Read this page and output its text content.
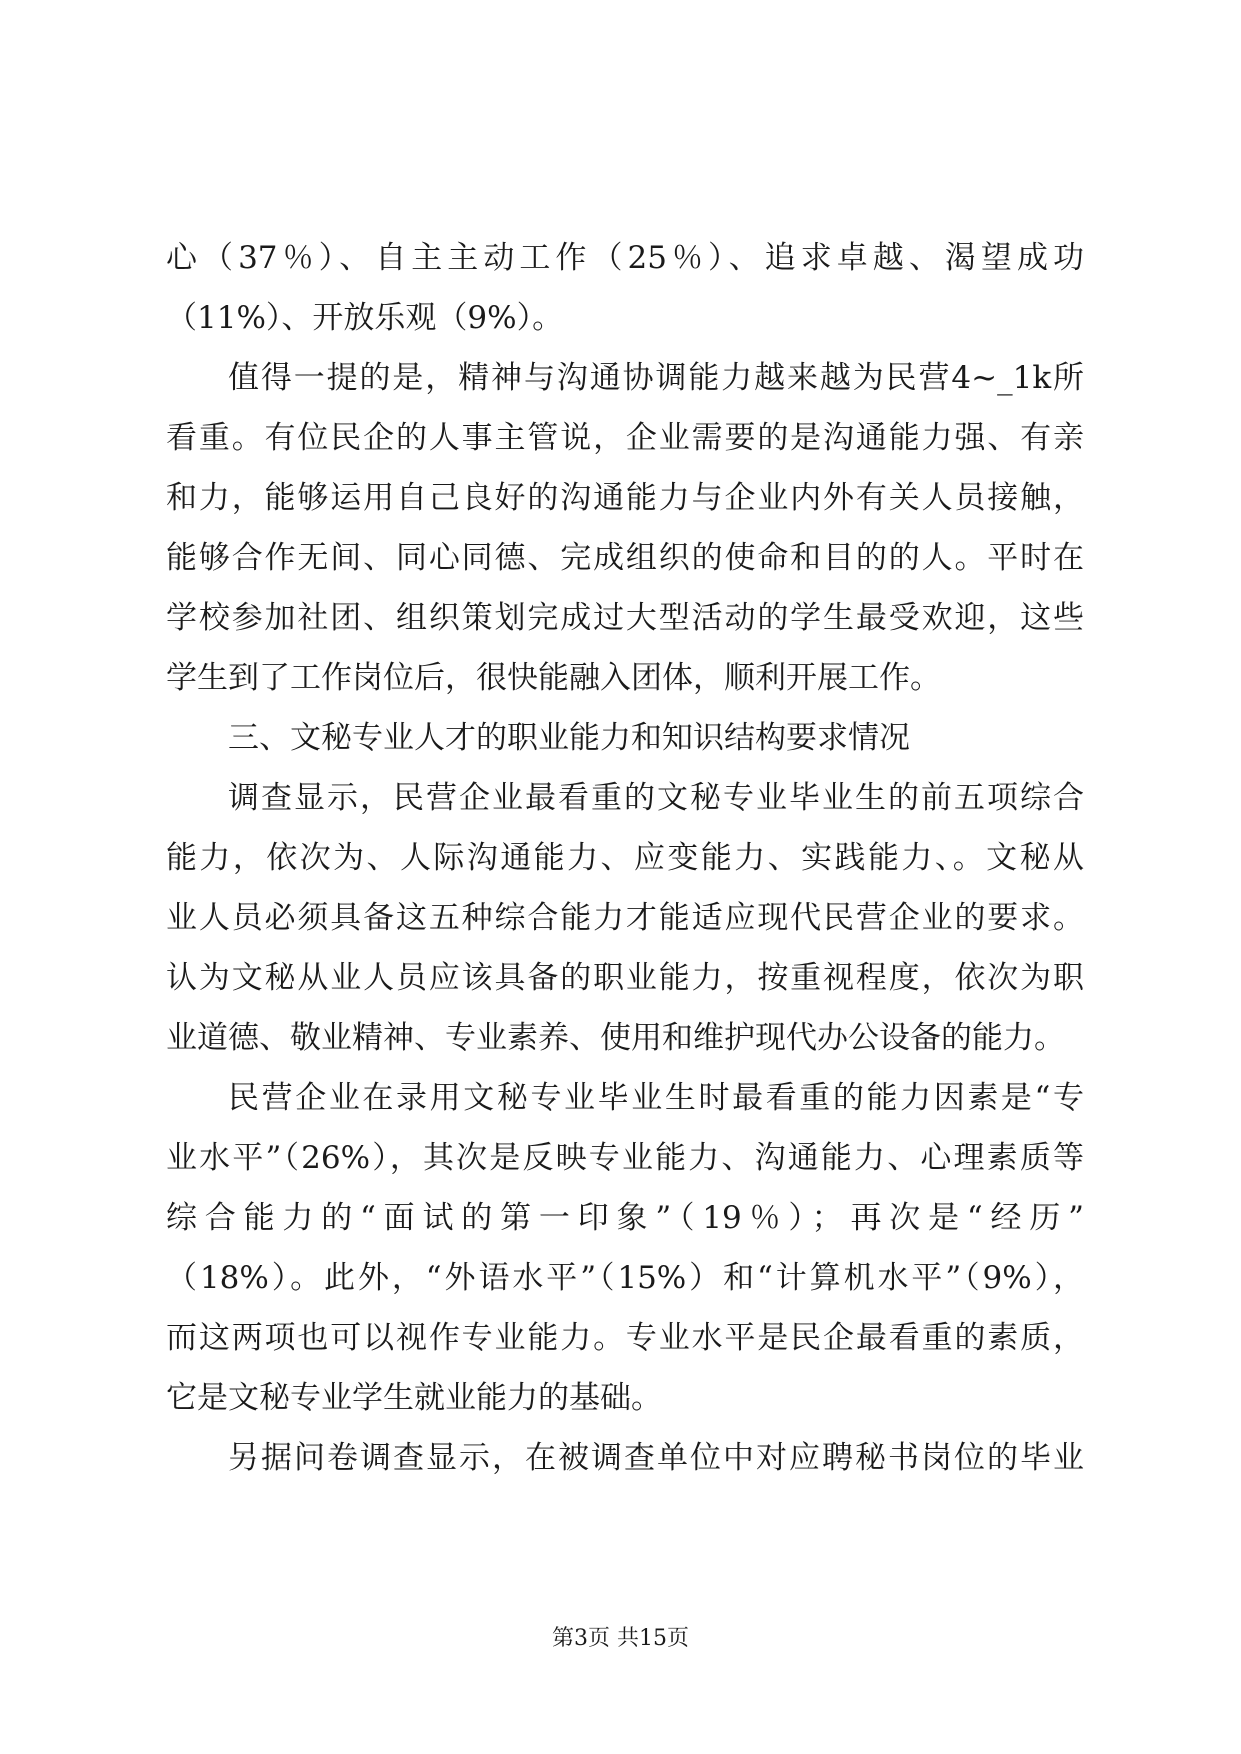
心（37％）、自主主动工作（25％）、追求卓越、渴望成功
（11%）、开放乐观（9%）。
值得一提的是，精神与沟通协调能力越来越为民营4~_1k所
看重。有位民企的人事主管说，企业需要的是沟通能力强、有亲
和力，能够运用自己良好的沟通能力与企业内外有关人员接触，
能够合作无间、同心同德、完成组织的使命和目的的人。平时在
学校参加社团、组织策划完成过大型活动的学生最受欢迎，这些
学生到了工作岗位后，很快能融入团体，顺利开展工作。
三、文秘专业人才的职业能力和知识结构要求情况
调查显示，民营企业最看重的文秘专业毕业生的前五项综合
能力，依次为、人际沟通能力、应变能力、实践能力、。文秘从
业人员必须具备这五种综合能力才能适应现代民营企业的要求。
认为文秘从业人员应该具备的职业能力，按重视程度，依次为职
业道德、敬业精神、专业素养、使用和维护现代办公设备的能力。
民营企业在录用文秘专业毕业生时最看重的能力因素是“专
业水平”（26%），其次是反映专业能力、沟通能力、心理素质等
综合能力的“面试的第一印象”（19％）；再次是“经历”
（18%）。此外，“外语水平”（15%）和“计算机水平”（9%），
而这两项也可以视作专业能力。专业水平是民企最看重的素质，
它是文秘专业学生就业能力的基础。
另据问卷调查显示，在被调查单位中对应聘秘书岗位的毕业
第3页 共15页
